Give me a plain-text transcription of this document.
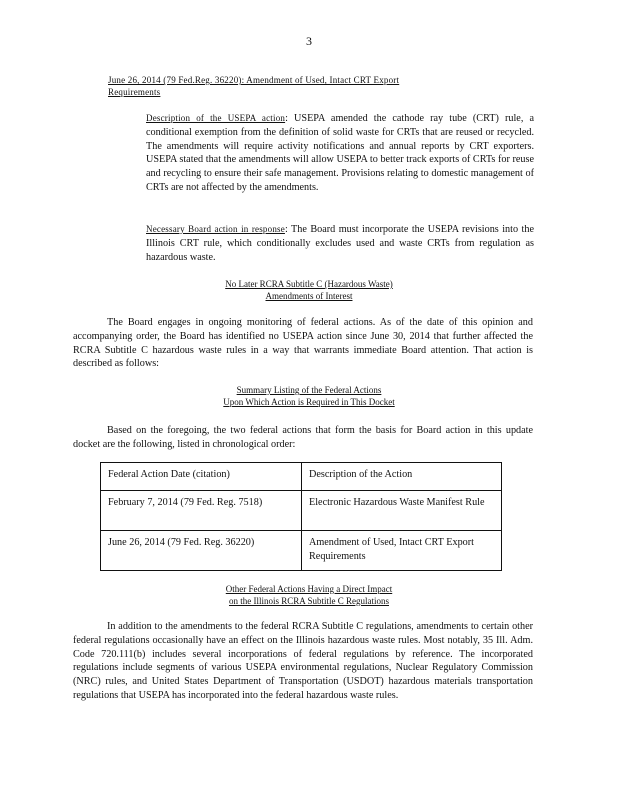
3
June 26, 2014 (79 Fed.Reg. 36220): Amendment of Used, Intact CRT Export
Requirements
Description of the USEPA action: USEPA amended the cathode ray tube (CRT) rule, a conditional exemption from the definition of solid waste for CRTs that are reused or recycled. The amendments will require activity notifications and annual reports by CRT exporters. USEPA stated that the amendments will allow USEPA to better track exports of CRTs for reuse and recycling to ensure their safe management. Provisions relating to domestic management of CRTs are not affected by the amendments.
Necessary Board action in response: The Board must incorporate the USEPA revisions into the Illinois CRT rule, which conditionally excludes used and waste CRTs from regulation as hazardous waste.
No Later RCRA Subtitle C (Hazardous Waste)
Amendments of Interest
The Board engages in ongoing monitoring of federal actions. As of the date of this opinion and accompanying order, the Board has identified no USEPA action since June 30, 2014 that further affected the RCRA Subtitle C hazardous waste rules in a way that warrants immediate Board attention. That action is described as follows:
Summary Listing of the Federal Actions
Upon Which Action is Required in This Docket
Based on the foregoing, the two federal actions that form the basis for Board action in this update docket are the following, listed in chronological order:
Federal Action Date (citation)	Description of the Action
February 7, 2014 (79 Fed. Reg. 7518)	Electronic Hazardous Waste Manifest Rule
June 26, 2014 (79 Fed. Reg. 36220)	Amendment of Used, Intact CRT Export Requirements
Other Federal Actions Having a Direct Impact
on the Illinois RCRA Subtitle C Regulations
In addition to the amendments to the federal RCRA Subtitle C regulations, amendments to certain other federal regulations occasionally have an effect on the Illinois hazardous waste rules. Most notably, 35 Ill. Adm. Code 720.111(b) includes several incorporations of federal regulations by reference. The incorporated regulations include segments of various USEPA environmental regulations, Nuclear Regulatory Commission (NRC) rules, and United States Department of Transportation (USDOT) hazardous materials transportation regulations that USEPA has incorporated into the federal hazardous waste rules.
